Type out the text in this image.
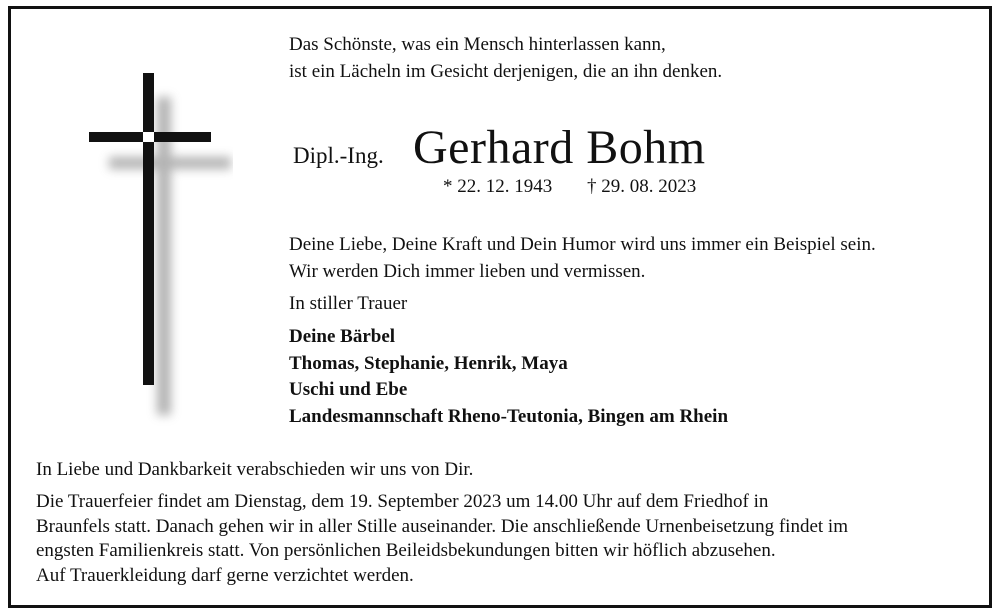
Das Schönste, was ein Mensch hinterlassen kann,
ist ein Lächeln im Gesicht derjenigen, die an ihn denken.
Dipl.-Ing. Gerhard Bohm
* 22. 12. 1943 † 29. 08. 2023
Deine Liebe, Deine Kraft und Dein Humor wird uns immer ein Beispiel sein.
Wir werden Dich immer lieben und vermissen.
In stiller Trauer
Deine Bärbel
Thomas, Stephanie, Henrik, Maya
Uschi und Ebe
Landesmannschaft Rheno-Teutonia, Bingen am Rhein
In Liebe und Dankbarkeit verabschieden wir uns von Dir.
Die Trauerfeier findet am Dienstag, dem 19. September 2023 um 14.00 Uhr auf dem Friedhof in
Braunfels statt. Danach gehen wir in aller Stille auseinander. Die anschließende Urnenbeisetzung findet im
engsten Familienkreis statt. Von persönlichen Beileidsbekundungen bitten wir höflich abzusehen.
Auf Trauerkleidung darf gerne verzichtet werden.
